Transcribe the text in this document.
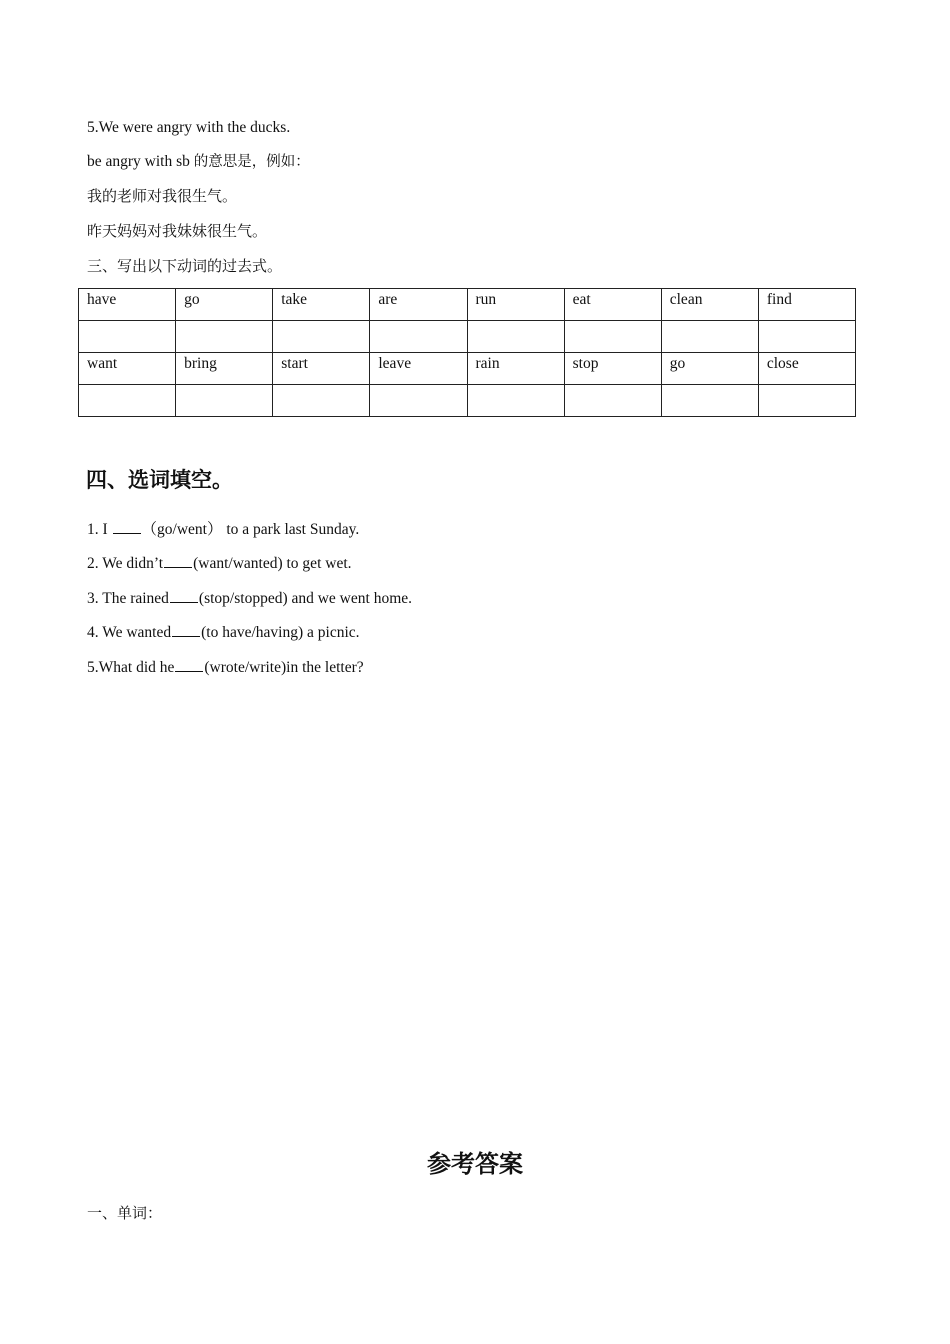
5.We were angry with the ducks.
be angry with sb 的意思是，例如：
我的老师对我很生气。
昨天妈妈对我妹妹很生气。
三、写出以下动词的过去式。
have	go	take	are	run	eat	clean	find

want	bring	start	leave	rain	stop	go	close

四、选词填空。
1. I （go/went） to a park last Sunday.
2. We didn’t (want/wanted) to get wet.
3. The rained (stop/stopped) and we went home.
4. We wanted (to have/having) a picnic.
5.What did he (wrote/write)in the letter?
参考答案
一、单词：
